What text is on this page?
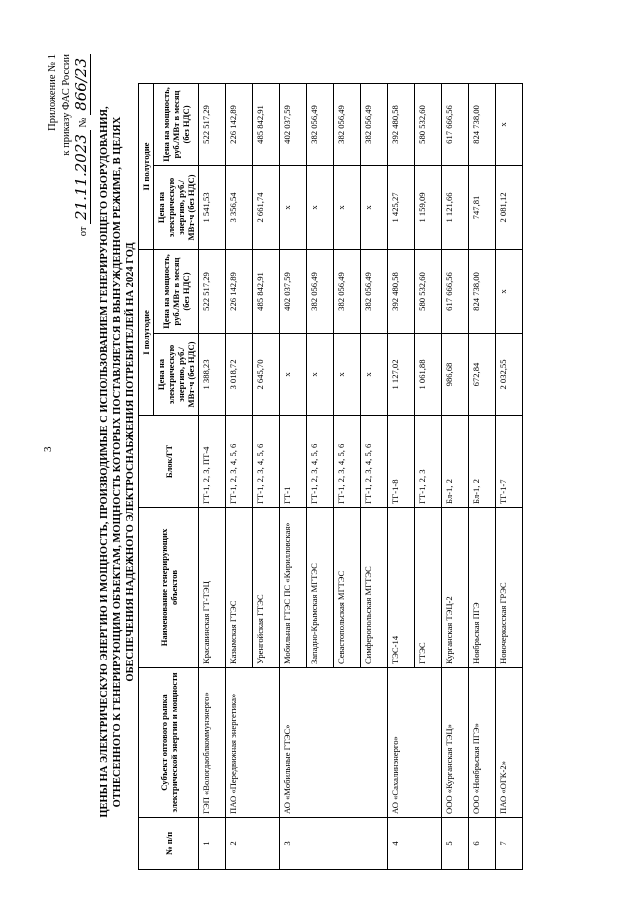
3
Приложение № 1 к приказу ФАС России
от 21.11.2023 № 866/23
ЦЕНЫ НА ЭЛЕКТРИЧЕСКУЮ ЭНЕРГИЮ И МОЩНОСТЬ, ПРОИЗВОДИМЫЕ С ИСПОЛЬЗОВАНИЕМ ГЕНЕРИРУЮЩЕГО ОБОРУДОВАНИЯ, ОТНЕСЕННОГО К ГЕНЕРИРУЮЩИМ ОБЪЕКТАМ, МОЩНОСТЬ КОТОРЫХ ПОСТАВЛЯЕТСЯ В ВЫНУЖДЕННОМ РЕЖИМЕ, В ЦЕЛЯХ ОБЕСПЕЧЕНИЯ НАДЕЖНОГО ЭЛЕКТРОСНАБЖЕНИЯ ПОТРЕБИТЕЛЕЙ НА 2024 ГОД
№ п/п	Субъект оптового рынка электрической энергии и мощности	Наименование генерирующих объектов	Блок/ГТ	I полугодие		II полугодие	
				Цена на электрическую энергию, руб./МВт·ч (без НДС)	Цена на мощность, руб./МВт в месяц (без НДС)	Цена на электрическую энергию, руб./МВт·ч (без НДС)	Цена на мощность, руб./МВт в месяц (без НДС)
1	ГЭП «Вологдаоблкоммунэнерго»	Красавинская ГТ-ТЭЦ	ГТ-1, 2, 3, ПТ-4	1 388,23	522 517,29	1 541,53	522 517,29
2	ПАО «Передвижная энергетика»	Казымская ГТЭС	ГТ-1, 2, 3, 4, 5, 6	3 018,72	226 142,89	3 356,54	226 142,89
		Уренгойская ГТЭС	ГТ-1, 2, 3, 4, 5, 6	2 645,70	485 842,91	2 661,74	485 842,91
3	АО «Мобильные ГТЭС»	Мобильная ГТЭС ПС «Кирилловская»	ГТ-1	x	402 037,59	x	402 037,59
		Западно-Крымская МГТЭС	ГТ-1, 2, 3, 4, 5, 6	x	382 056,49	x	382 056,49
		Севастопольская МГТЭС	ГТ-1, 2, 3, 4, 5, 6	x	382 056,49	x	382 056,49
		Симферопольская МГТЭС	ГТ-1, 2, 3, 4, 5, 6	x	382 056,49	x	382 056,49
4	АО «Сахалинэнерго»	ТЭС-14	ТГ-1-8	1 127,02	392 480,58	1 425,27	392 480,58
		ГТЭС	ГТ-1, 2, 3	1 061,88	580 532,60	1 159,09	580 532,60
5	ООО «Курганская ТЭЦ»	Курганская ТЭЦ-2	Бл-1, 2	986,68	617 666,56	1 121,66	617 666,56
6	ООО «Ноябрьская ПГЭ»	Ноябрьская ПГЭ	Бл-1, 2	672,84	824 738,00	747,81	824 738,00
7	ПАО «ОГК-2»	Новочеркасская ГРЭС	ТГ-1-7	2 032,55	x	2 081,12	x
